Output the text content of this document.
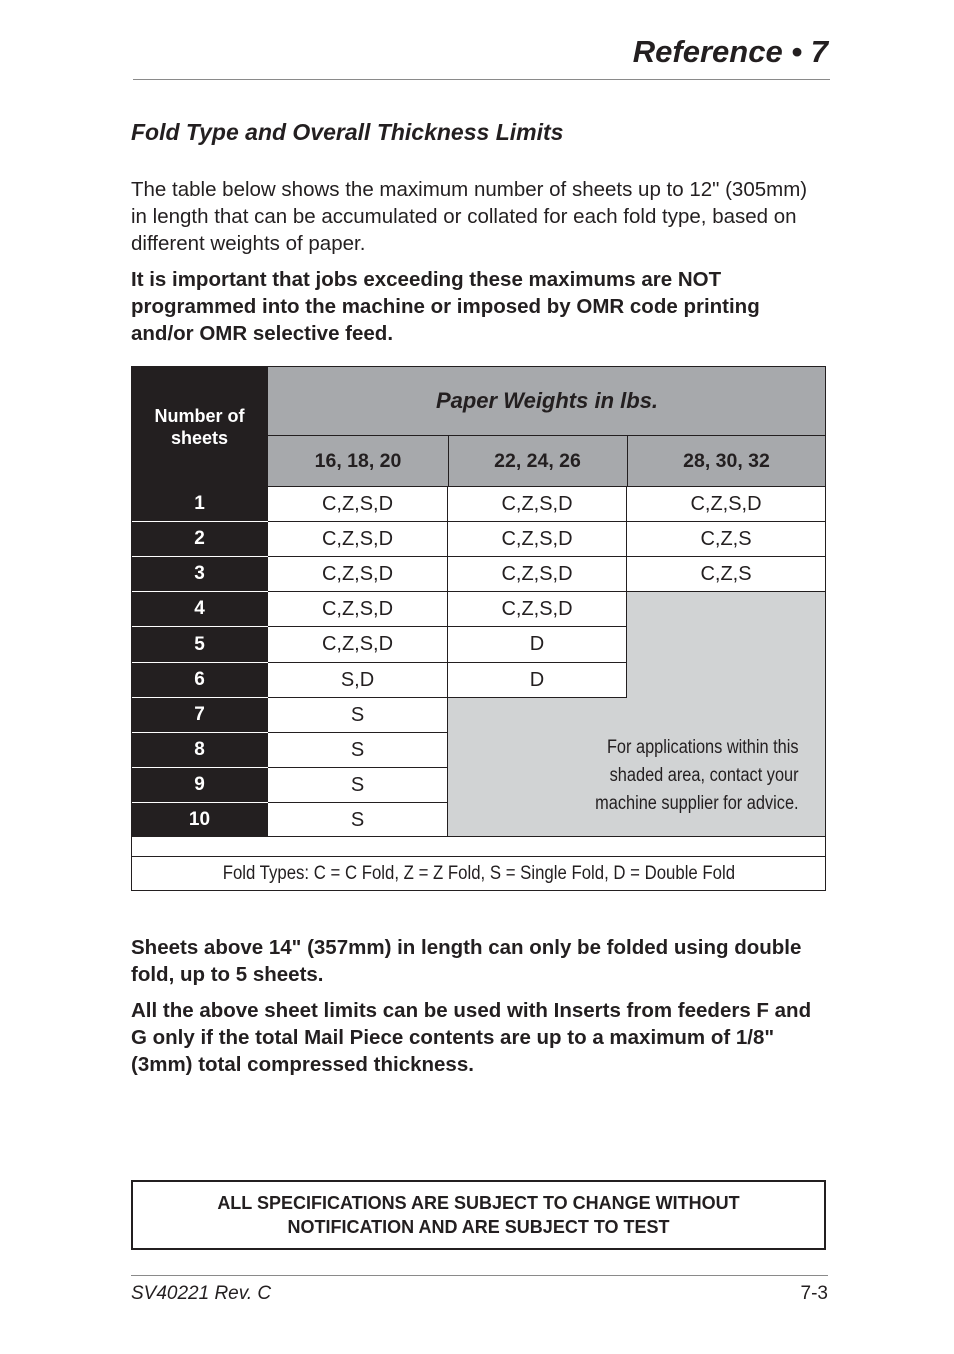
Reference • 7
Fold Type and Overall Thickness Limits
The table below shows the maximum number of sheets up to 12" (305mm) in length that can be accumulated or collated for each fold type, based on different weights of paper.
It is important that jobs exceeding these maximums are NOT programmed into the machine or imposed by OMR code printing and/or OMR selective feed.
Number of sheets
Paper Weights in lbs.
16, 18, 20	22, 24, 26	28, 30, 32
For applications within this
shaded area, contact your
machine supplier for advice.
1	C,Z,S,D	C,Z,S,D	C,Z,S,D
2	C,Z,S,D	C,Z,S,D	C,Z,S
3	C,Z,S,D	C,Z,S,D	C,Z,S
4	C,Z,S,D	C,Z,S,D
5	C,Z,S,D	D
6	S,D	D
7	S
8	S
9	S
10	S
Fold Types: C = C Fold, Z = Z Fold, S = Single Fold, D = Double Fold
Sheets above 14" (357mm) in length can only be folded using double fold, up to 5 sheets.
All the above sheet limits can be used with Inserts from feeders F and G only if the total Mail Piece contents are up to a maximum of 1/8" (3mm) total compressed thickness.
ALL SPECIFICATIONS ARE SUBJECT TO CHANGE WITHOUT
NOTIFICATION AND ARE SUBJECT TO TEST
SV40221 Rev. C	7-3
